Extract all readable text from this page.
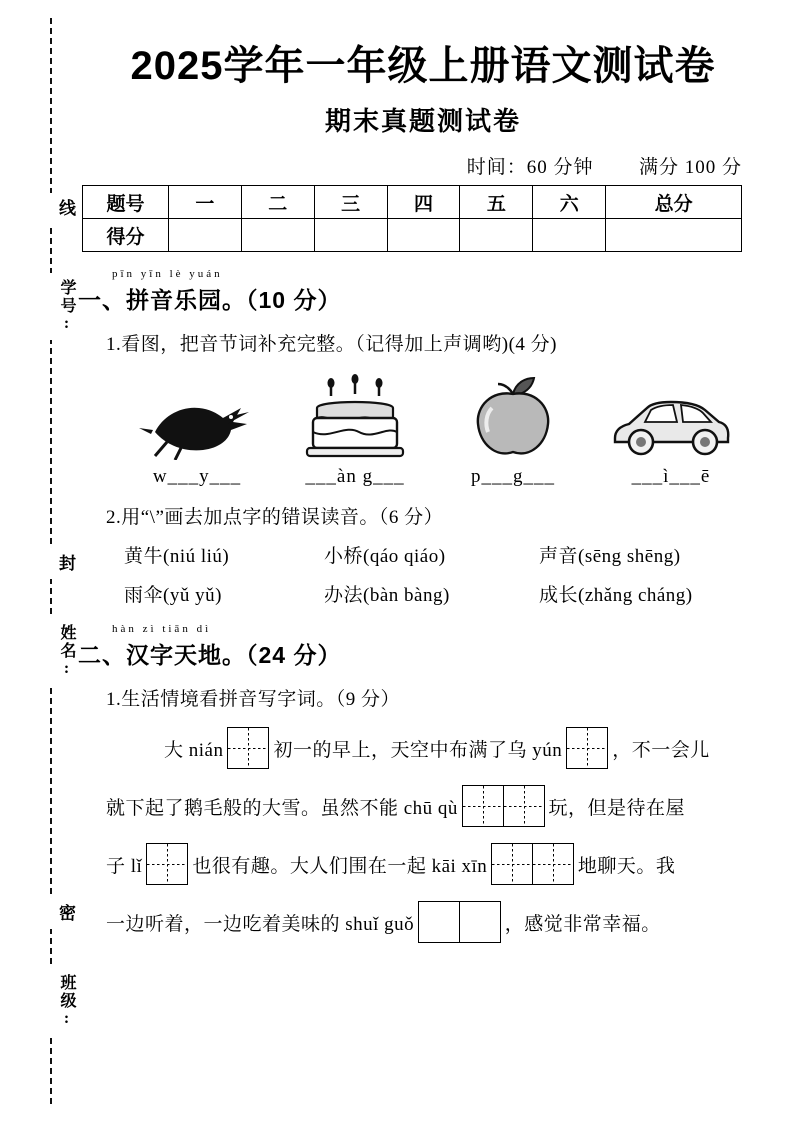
线
学号:
封
姓名:
密
班级:
2025学年一年级上册语文测试卷
期末真题测试卷
时间：60 分钟 满分 100 分
题号	一	二	三	四	五	六	总分
得分							
pīn yīn lè yuán
一、拼音乐园。（10 分）
1.看图，把音节词补充完整。（记得加上声调哟)(4 分)
w___y___	___àn g___	p___g___	___ì___ē
2.用“\”画去加点字的错误读音。（6 分）
黄牛(niú liú)	小桥(qáo qiáo)	声音(sēng shēng)
雨伞(yǔ yǔ)	办法(bàn bàng)	成长(zhǎng cháng)
hàn zì tiān dì
二、汉字天地。（24 分）
1.生活情境看拼音写字词。（9 分）
大 nián	初一的早上，天空中布满了乌 yún	，不一会儿
就下起了鹅毛般的大雪。虽然不能 chū qù	玩，但是待在屋
子 lǐ	也很有趣。大人们围在一起 kāi xīn	地聊天。我
一边听着，一边吃着美味的 shuǐ guǒ	，感觉非常幸福。
